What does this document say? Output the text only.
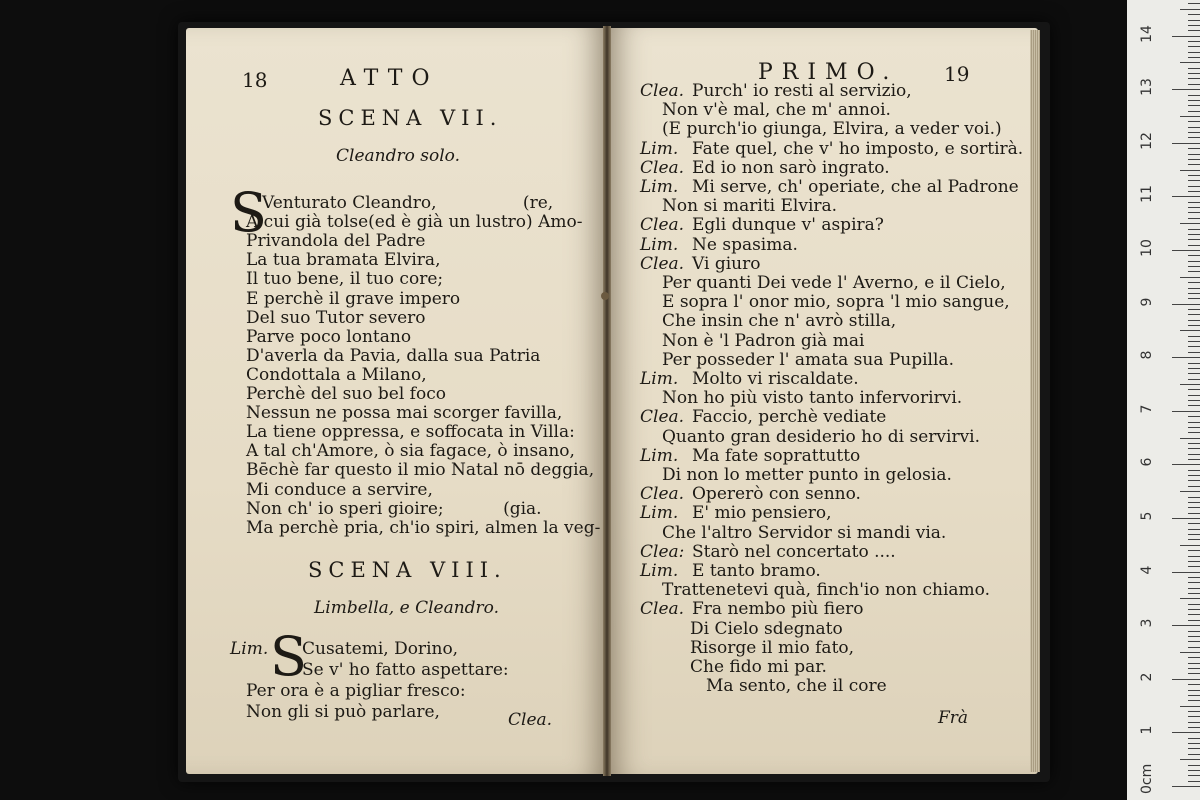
18	ATTO
SCENA VII.
Cleandro solo.
S
Venturato Cleandro,                (re,
A cui già tolse(ed è già un lustro) Amo-
Privandola del Padre
La tua bramata Elvira,
Il tuo bene, il tuo core;
E perchè il grave impero
Del suo Tutor severo
Parve poco lontano
D'averla da Pavia, dalla sua Patria
Condottala a Milano,
Perchè del suo bel foco
Nessun ne possa mai scorger favilla,
La tiene oppressa, e soffocata in Villa:
A tal ch'Amore, ò sia fagace, ò insano,
Bēchè far questo il mio Natal nō deggia,
Mi conduce a servire,
Non ch' io speri gioire;           (gia.
Ma perchè pria, ch'io spiri, almen la veg-
SCENA VIII.
Limbella, e Cleandro.
Lim. S
Cusatemi, Dorino,
Se v' ho fatto aspettare:
Per ora è a pigliar fresco:
Non gli si può parlare,	Clea.
PRIMO. 19
Clea. Purch' io resti al servizio,
Non v'è mal, che m' annoi.
(E purch'io giunga, Elvira, a veder voi.)
Lim. Fate quel, che v' ho imposto, e sortirà.
Clea. Ed io non sarò ingrato.
Lim. Mi serve, ch' operiate, che al Padrone
Non si mariti Elvira.
Clea. Egli dunque v' aspira?
Lim. Ne spasima.
Clea. Vi giuro
Per quanti Dei vede l' Averno, e il Cielo,
E sopra l' onor mio, sopra 'l mio sangue,
Che insin che n' avrò stilla,
Non è 'l Padron già mai
Per posseder l' amata sua Pupilla.
Lim. Molto vi riscaldate.
Non ho più visto tanto infervorirvi.
Clea. Faccio, perchè vediate
Quanto gran desiderio ho di servirvi.
Lim. Ma fate soprattutto
Di non lo metter punto in gelosia.
Clea. Opererò con senno.
Lim. E' mio pensiero,
Che l'altro Servidor si mandi via.
Clea: Starò nel concertato ....
Lim. E tanto bramo.
Trattenetevi quà, finch'io non chiamo.
Clea. Fra nembo più fiero
Di Cielo sdegnato
Risorge il mio fato,
Che fido mi par.
Ma sento, che il core
Frà
0cm
1
2
3
4
5
6
7
8
9
10
11
12
13
14
